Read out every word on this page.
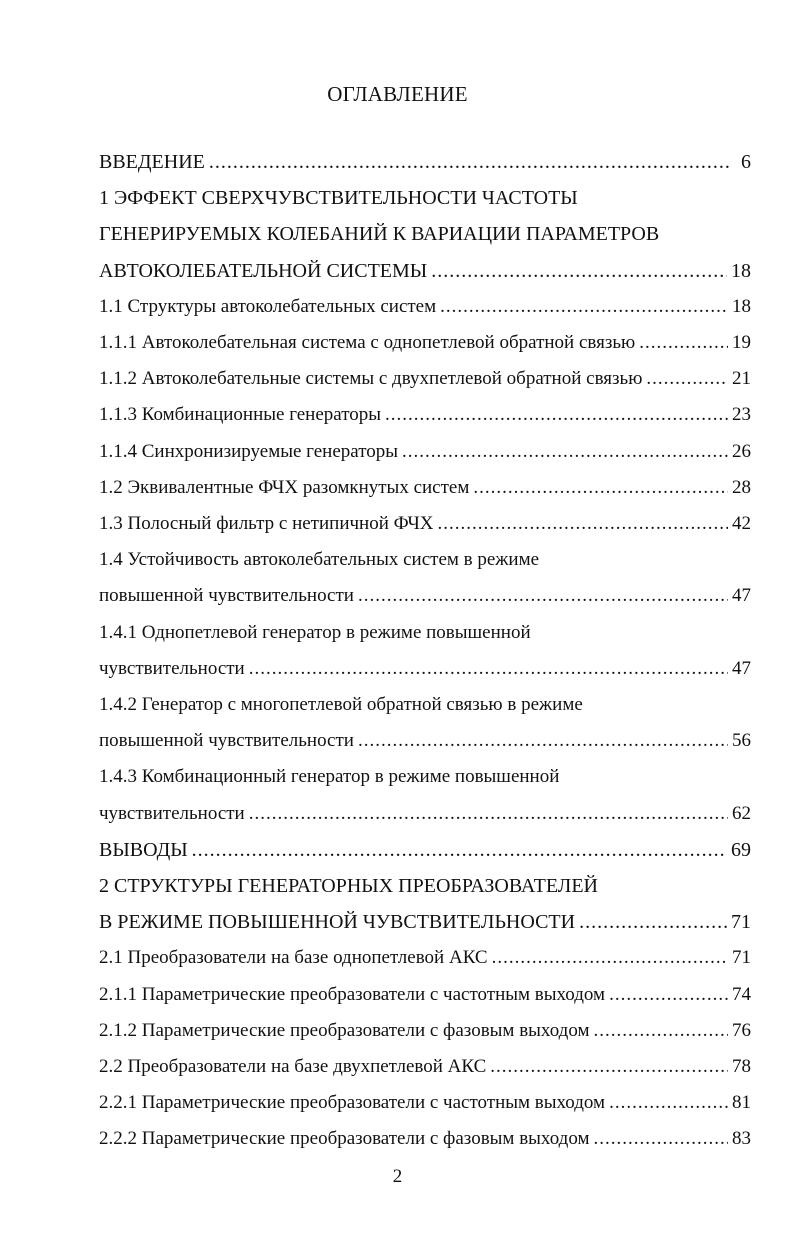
ОГЛАВЛЕНИЕ
ВВЕДЕНИЕ .....	6
1 ЭФФЕКТ СВЕРХЧУВСТВИТЕЛЬНОСТИ ЧАСТОТЫ
ГЕНЕРИРУЕМЫХ КОЛЕБАНИЙ К ВАРИАЦИИ ПАРАМЕТРОВ
АВТОКОЛЕБАТЕЛЬНОЙ СИСТЕМЫ .....	18
1.1 Структуры автоколебательных систем .....	18
1.1.1 Автоколебательная система с однопетлевой обратной связью .....	19
1.1.2 Автоколебательные системы с двухпетлевой обратной связью .....	21
1.1.3 Комбинационные генераторы .....	23
1.1.4 Синхронизируемые генераторы .....	26
1.2 Эквивалентные ФЧХ разомкнутых систем .....	28
1.3 Полосный фильтр с нетипичной ФЧХ .....	42
1.4 Устойчивость автоколебательных систем в режиме
повышенной чувствительности .....	47
1.4.1 Однопетлевой генератор в режиме повышенной
чувствительности .....	47
1.4.2 Генератор с многопетлевой обратной связью в режиме
повышенной чувствительности .....	56
1.4.3 Комбинационный генератор в режиме повышенной
чувствительности .....	62
ВЫВОДЫ .....	69
2 СТРУКТУРЫ ГЕНЕРАТОРНЫХ ПРЕОБРАЗОВАТЕЛЕЙ
В РЕЖИМЕ ПОВЫШЕННОЙ ЧУВСТВИТЕЛЬНОСТИ .....	71
2.1 Преобразователи на базе однопетлевой АКС .....	71
2.1.1 Параметрические преобразователи с частотным выходом .....	74
2.1.2 Параметрические преобразователи с фазовым выходом .....	76
2.2 Преобразователи на базе двухпетлевой АКС .....	78
2.2.1 Параметрические преобразователи с частотным выходом .....	81
2.2.2 Параметрические преобразователи с фазовым выходом .....	83
2
